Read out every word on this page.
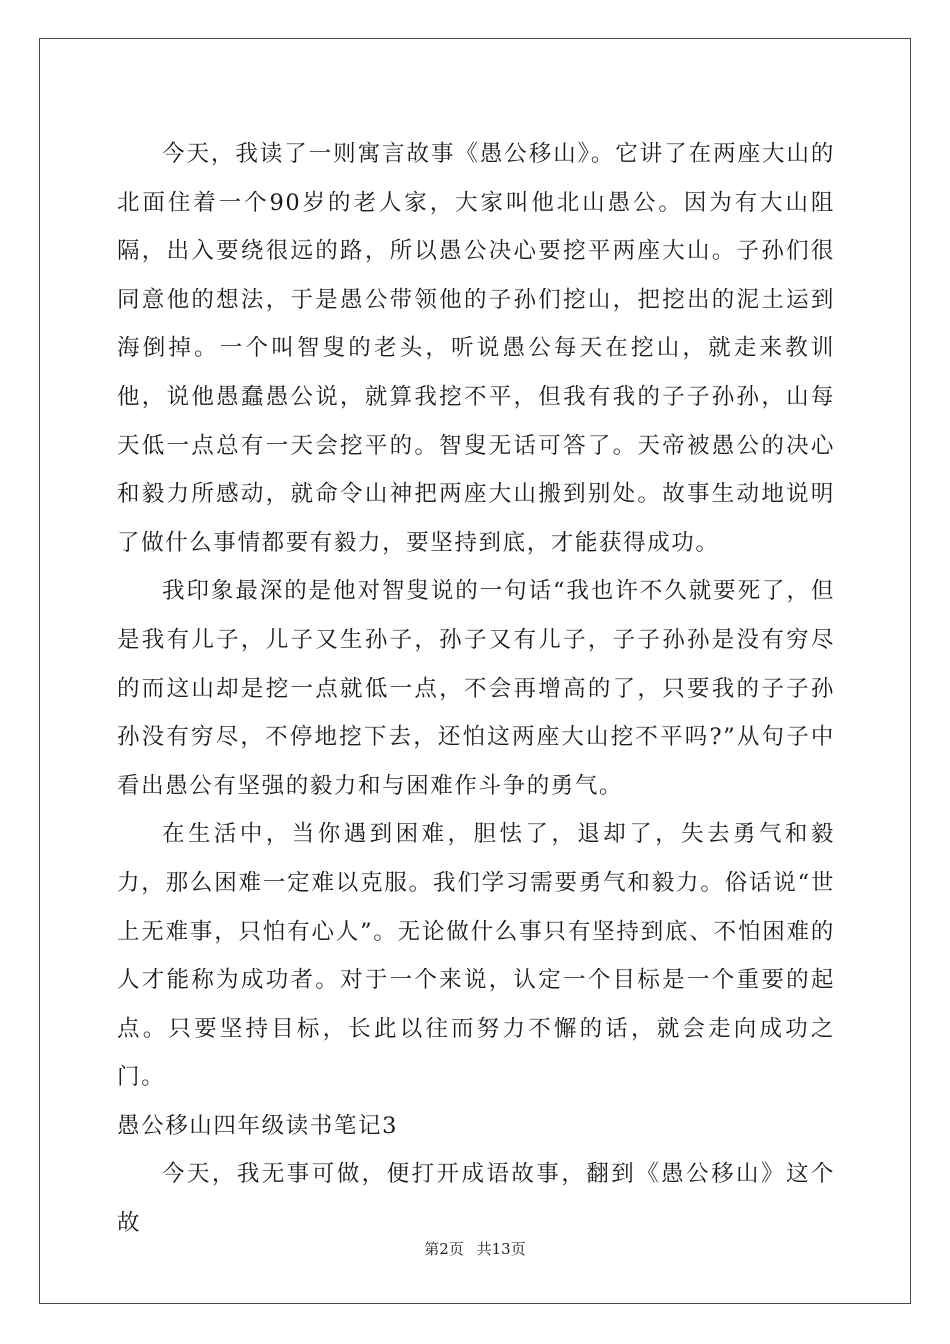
今天，我读了一则寓言故事《愚公移山》。它讲了在两座大山的北面住着一个90岁的老人家，大家叫他北山愚公。因为有大山阻隔，出入要绕很远的路，所以愚公决心要挖平两座大山。子孙们很同意他的想法，于是愚公带领他的子孙们挖山，把挖出的泥土运到海倒掉。一个叫智叟的老头，听说愚公每天在挖山，就走来教训他，说他愚蠢愚公说，就算我挖不平，但我有我的子子孙孙，山每天低一点总有一天会挖平的。智叟无话可答了。天帝被愚公的决心和毅力所感动，就命令山神把两座大山搬到别处。故事生动地说明了做什么事情都要有毅力，要坚持到底，才能获得成功。

我印象最深的是他对智叟说的一句话“我也许不久就要死了，但是我有儿子，儿子又生孙子，孙子又有儿子，子子孙孙是没有穷尽的而这山却是挖一点就低一点，不会再增高的了，只要我的子子孙孙没有穷尽，不停地挖下去，还怕这两座大山挖不平吗?”从句子中看出愚公有坚强的毅力和与困难作斗争的勇气。

在生活中，当你遇到困难，胆怯了，退却了，失去勇气和毅力，那么困难一定难以克服。我们学习需要勇气和毅力。俗话说“世上无难事，只怕有心人”。无论做什么事只有坚持到底、不怕困难的人才能称为成功者。对于一个来说，认定一个目标是一个重要的起点。只要坚持目标，长此以往而努力不懈的话，就会走向成功之门。

愚公移山四年级读书笔记3

今天，我无事可做，便打开成语故事，翻到《愚公移山》这个故

第2页 共13页
